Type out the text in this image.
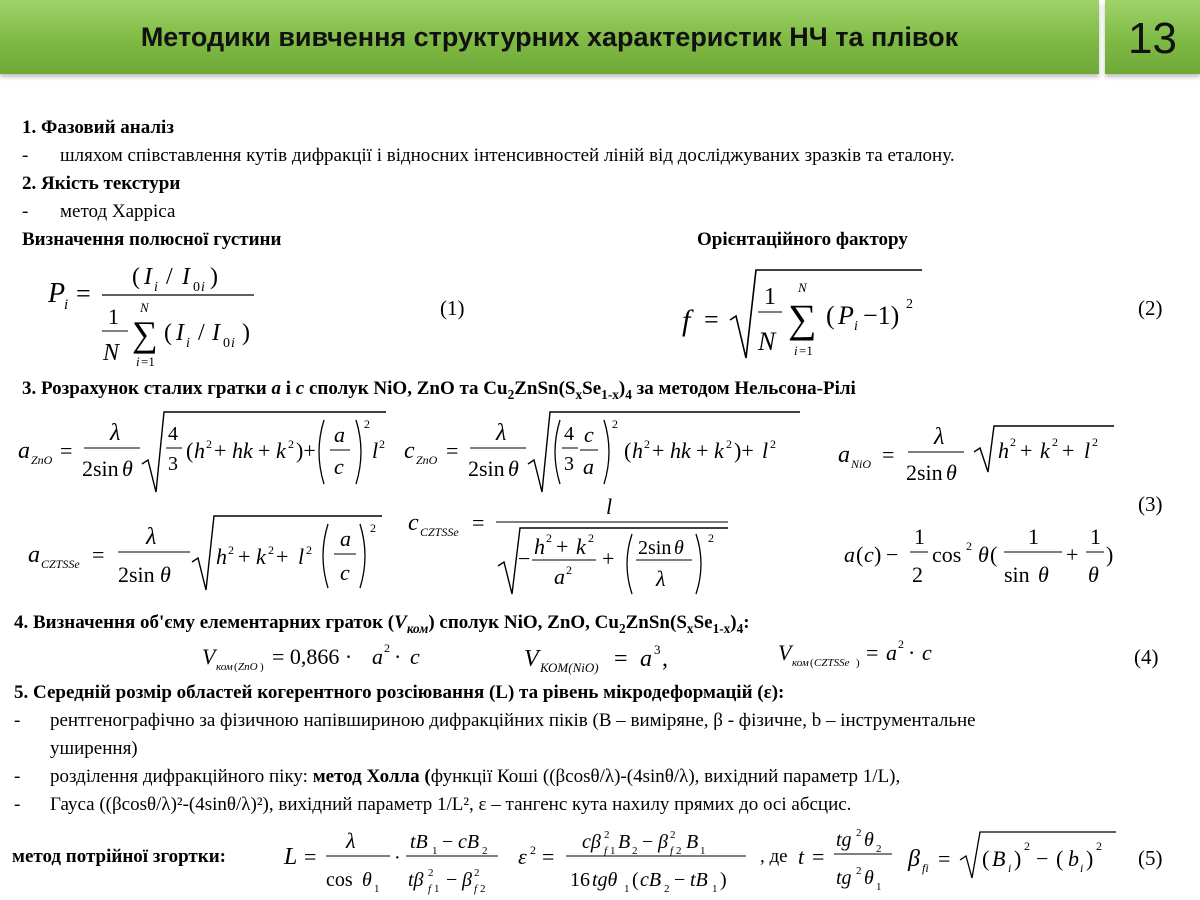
Методики вивчення структурних характеристик НЧ та плівок	13
1. Фазовий аналіз
- шляхом співставлення кутів дифракції і відносних інтенсивностей ліній від досліджуваних зразків та еталону.
2. Якість текстури
- метод Харріса
Визначення полюсної густини	Орієнтаційного фактору
P
i =
( I i / I 0 i )
1
N
N
∑
i =1
( I i / I 0 i )
(1)	f =
1
N
N
∑
i =1
( P i −1) 2	(2)
3. Розрахунок сталих гратки a і c сполук NiO, ZnO та $Cu_2ZnSn(S_xSe_{1-x})_4$ за методом Нельсона-Рілі
a ZnO =
λ
2sin θ
4
3
( h 2 + hk + k 2 )+
a
c
2
l 2 c ZnO =
λ
2sin θ
4
3
c
a
2
( h 2 + hk + k 2 )+ l 2	a NiO =
λ
2sin θ
h 2 + k 2 + l 2
(3)
a CZTSSe =
λ
2sin θ
h 2 + k 2 + l 2 a
c
2 c CZTSSe =
l
− h 2 + k 2
a 2 + 2sin θ
λ
2
a ( c ) −
1
2
cos 2 θ (
1
sin θ
+
1
θ
)
4. Визначення об'єму елементарних граток $(V_{ком})$ сполук NiO, ZnO, $Cu_2ZnSn(S_xSe_{1-x})_4$:
V ком ( ZnO ) = 0,866 · a 2 · c	V КОМ(NiO) = a 3 ,	V ком ( CZTSSe ) = a 2 · c	(4)
5. Середній розмір областей когерентного розсіювання (L) та рівень мікродеформацій (ε):
- рентгенографічно за фізичною напівшириною дифракційних піків (B – виміряне, β - фізичне, b – інструментальне
уширення)
- розділення дифракційного піку: метод Холла (функції Коші ((βcosθ/λ)-(4sinθ/λ), вихідний параметр 1/L),
- Гауса ((βcosθ/λ)²-(4sinθ/λ)²), вихідний параметр 1/L², ε – тангенс кута нахилу прямих до осі абсцис.
метод потрійної згортки: L =
λ
cos θ 1
·
tB 1 − cB 2
tβ 2
f 1 − β 2
f 2
ε 2 =
cβ 2
f 1 B 2 − β 2
f 2 B 1
16 tgθ 1 ( cB 2 − tB 1 )
, де t =
tg 2 θ 2
tg 2 θ 1
β fi = ( B i ) 2 − ( b i ) 2 (5)
